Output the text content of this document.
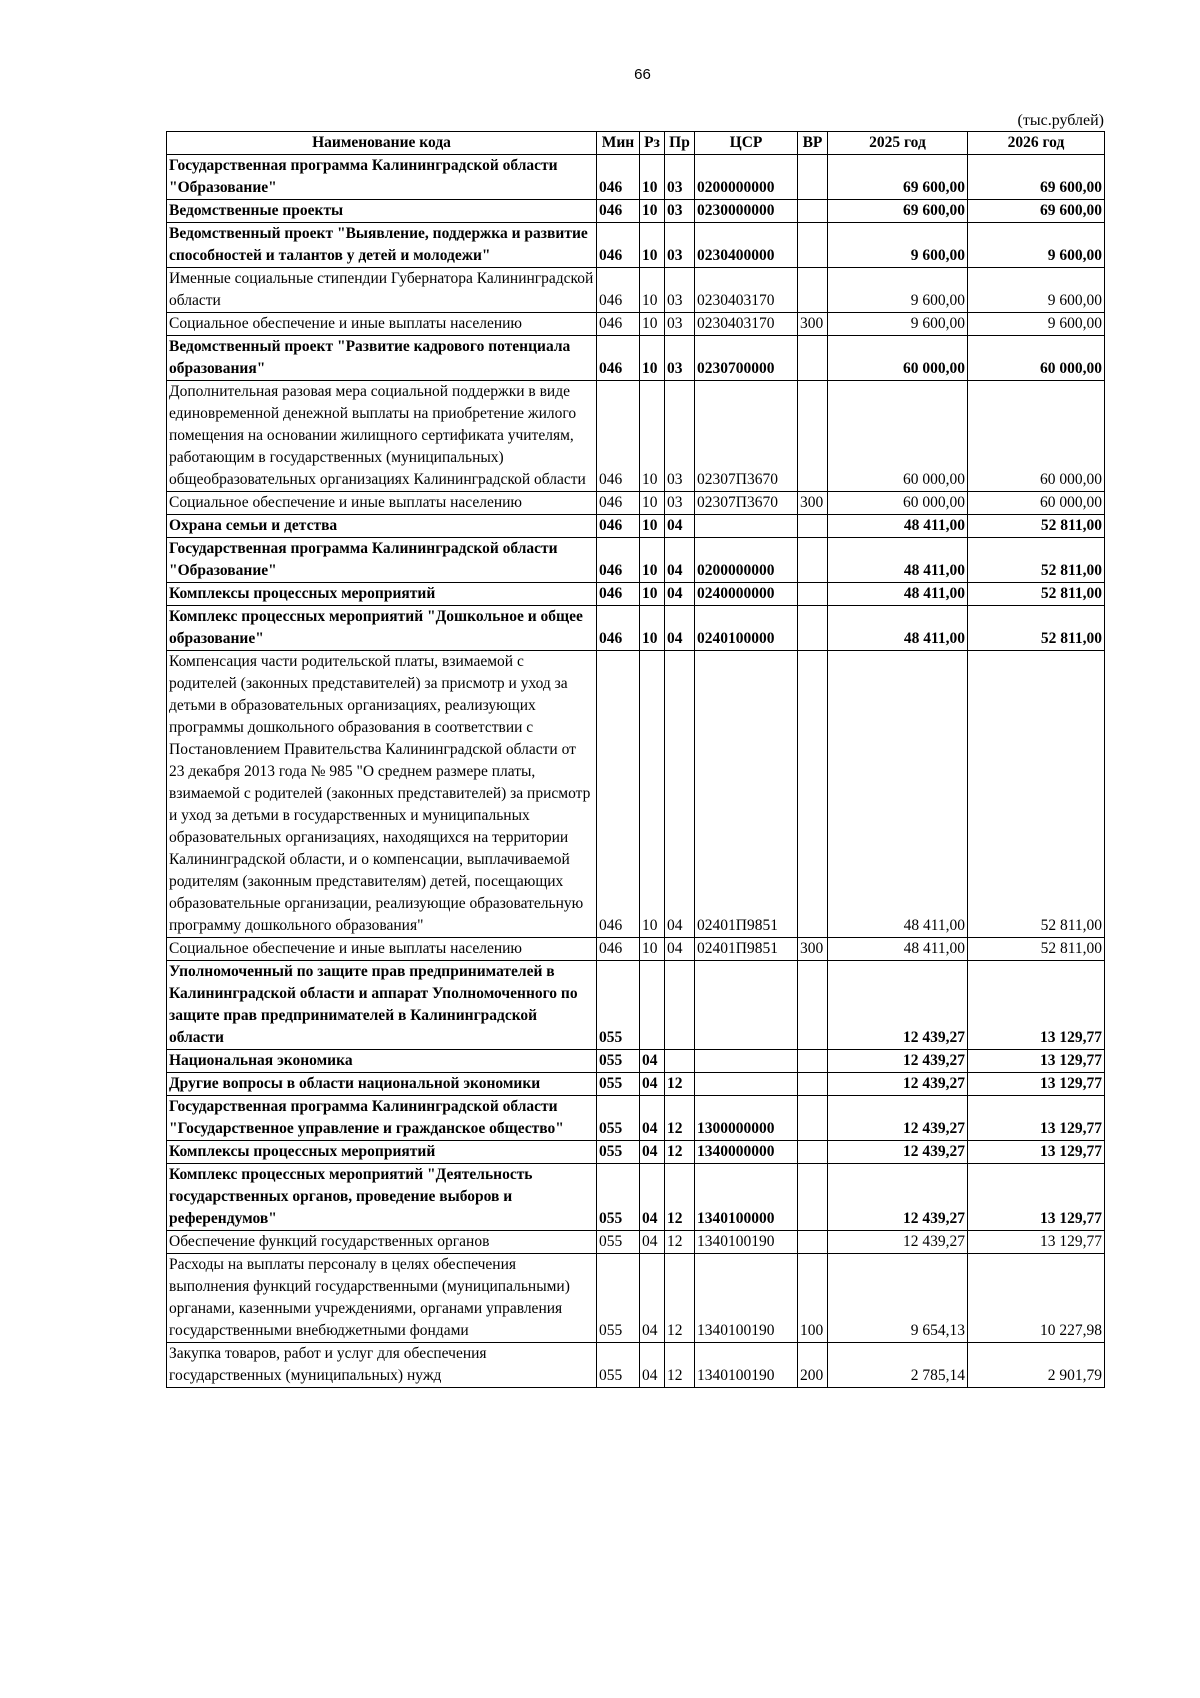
66
(тыс.рублей)
Наименование кода	Мин	Рз	Пр	ЦСР	ВР	2025 год	2026 год
Государственная программа Калининградской области "Образование"	046	10	03	0200000000		69 600,00	69 600,00
Ведомственные проекты	046	10	03	0230000000		69 600,00	69 600,00
Ведомственный проект "Выявление, поддержка и развитие способностей и талантов у детей и молодежи"	046	10	03	0230400000		9 600,00	9 600,00
Именные социальные стипендии Губернатора Калининградской области	046	10	03	0230403170		9 600,00	9 600,00
Социальное обеспечение и иные выплаты населению	046	10	03	0230403170	300	9 600,00	9 600,00
Ведомственный проект "Развитие кадрового потенциала образования"	046	10	03	0230700000		60 000,00	60 000,00
Дополнительная разовая мера социальной поддержки в виде единовременной денежной выплаты на приобретение жилого помещения на основании жилищного сертификата учителям, работающим в государственных (муниципальных) общеобразовательных организациях Калининградской области	046	10	03	02307П3670		60 000,00	60 000,00
Социальное обеспечение и иные выплаты населению	046	10	03	02307П3670	300	60 000,00	60 000,00
Охрана семьи и детства	046	10	04			48 411,00	52 811,00
Государственная программа Калининградской области "Образование"	046	10	04	0200000000		48 411,00	52 811,00
Комплексы процессных мероприятий	046	10	04	0240000000		48 411,00	52 811,00
Комплекс процессных мероприятий "Дошкольное и общее образование"	046	10	04	0240100000		48 411,00	52 811,00
Компенсация части родительской платы, взимаемой с родителей (законных представителей) за присмотр и уход за детьми в образовательных организациях, реализующих программы дошкольного образования в соответствии с Постановлением Правительства Калининградской области от 23 декабря 2013 года № 985 "О среднем размере платы, взимаемой с родителей (законных представителей) за присмотр и уход за детьми в государственных и муниципальных образовательных организациях, находящихся на территории Калининградской области, и о компенсации, выплачиваемой родителям (законным представителям) детей, посещающих образовательные организации, реализующие образовательную программу дошкольного образования"	046	10	04	02401П9851		48 411,00	52 811,00
Социальное обеспечение и иные выплаты населению	046	10	04	02401П9851	300	48 411,00	52 811,00
Уполномоченный по защите прав предпринимателей в Калининградской области и аппарат Уполномоченного по защите прав предпринимателей в Калининградской области	055					12 439,27	13 129,77
Национальная экономика	055	04				12 439,27	13 129,77
Другие вопросы в области национальной экономики	055	04	12			12 439,27	13 129,77
Государственная программа Калининградской области "Государственное управление и гражданское общество"	055	04	12	1300000000		12 439,27	13 129,77
Комплексы процессных мероприятий	055	04	12	1340000000		12 439,27	13 129,77
Комплекс процессных мероприятий "Деятельность государственных органов, проведение выборов и референдумов"	055	04	12	1340100000		12 439,27	13 129,77
Обеспечение функций государственных органов	055	04	12	1340100190		12 439,27	13 129,77
Расходы на выплаты персоналу в целях обеспечения выполнения функций государственными (муниципальными) органами, казенными учреждениями, органами управления государственными внебюджетными фондами	055	04	12	1340100190	100	9 654,13	10 227,98
Закупка товаров, работ и услуг для обеспечения государственных (муниципальных) нужд	055	04	12	1340100190	200	2 785,14	2 901,79
